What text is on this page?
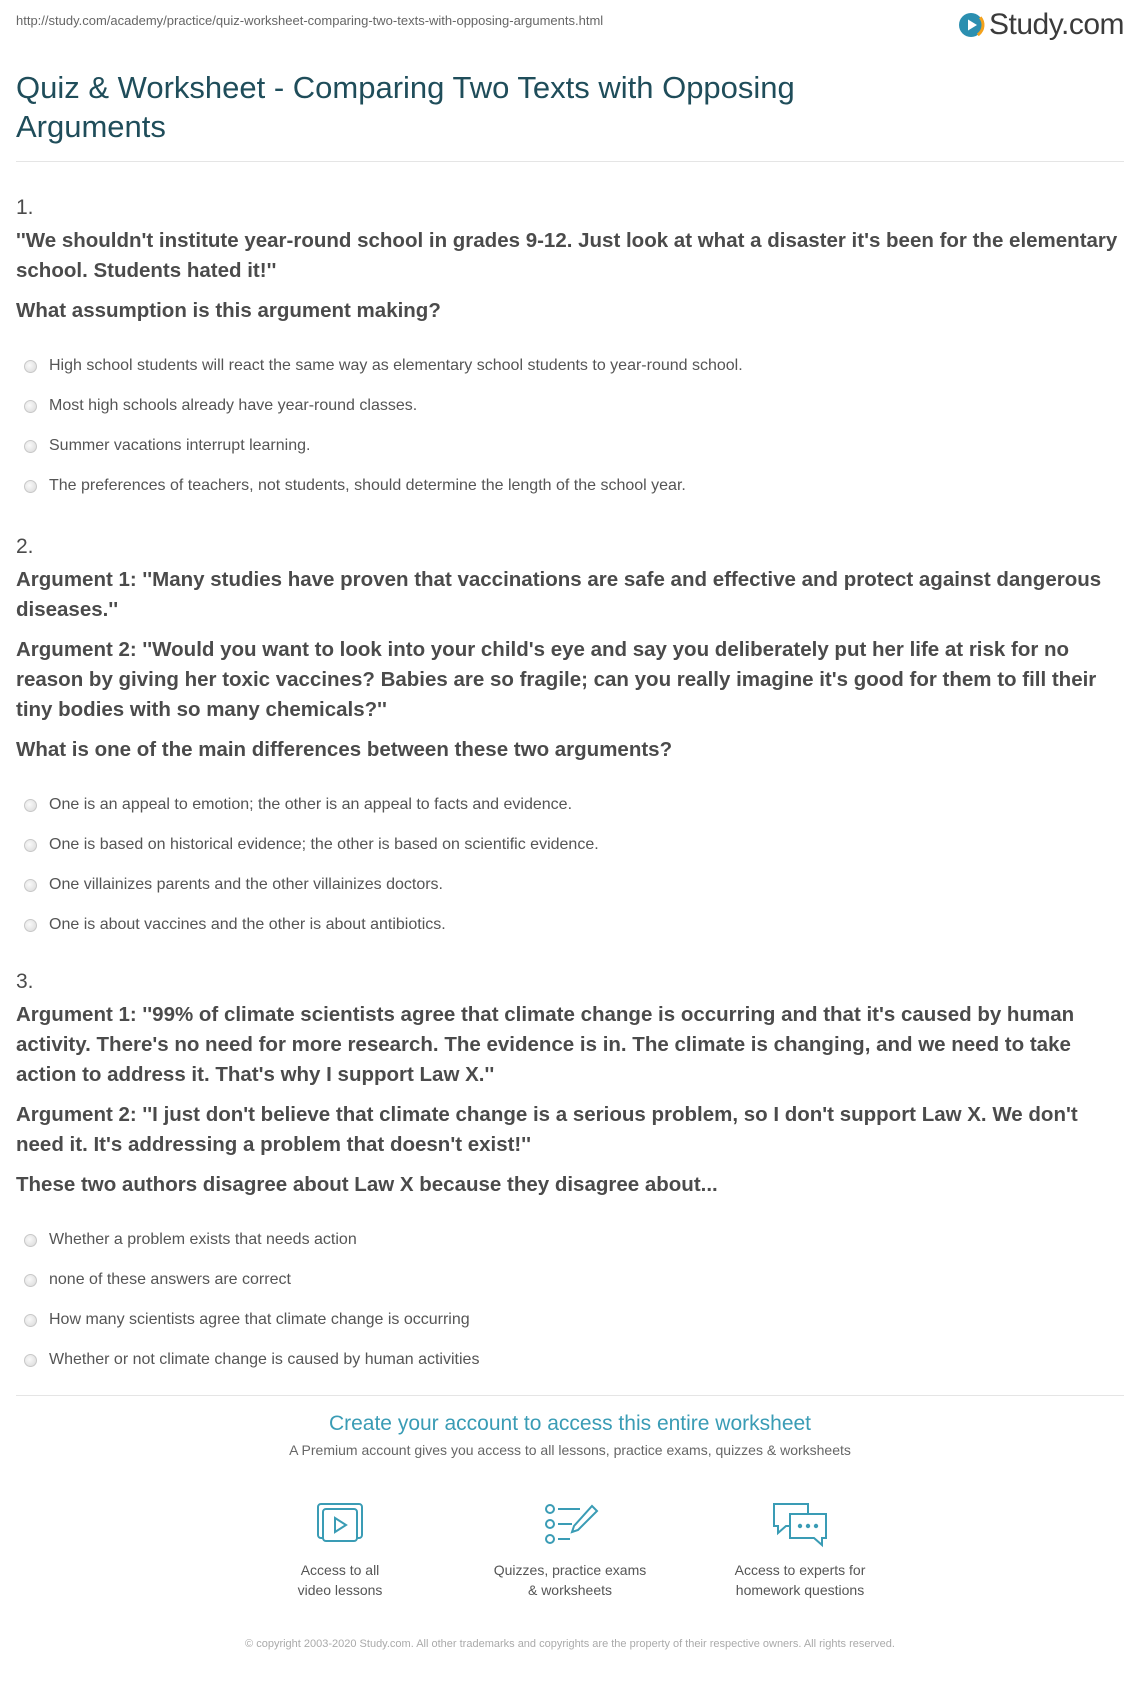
http://study.com/academy/practice/quiz-worksheet-comparing-two-texts-with-opposing-arguments.html	Study.com
Quiz & Worksheet - Comparing Two Texts with Opposing Arguments
1.

''We shouldn't institute year-round school in grades 9-12. Just look at what a disaster it's been for the elementary school. Students hated it!''

What assumption is this argument making?

High school students will react the same way as elementary school students to year-round school.
Most high schools already have year-round classes.
Summer vacations interrupt learning.
The preferences of teachers, not students, should determine the length of the school year.
2.

Argument 1: ''Many studies have proven that vaccinations are safe and effective and protect against dangerous diseases.''

Argument 2: ''Would you want to look into your child's eye and say you deliberately put her life at risk for no reason by giving her toxic vaccines? Babies are so fragile; can you really imagine it's good for them to fill their tiny bodies with so many chemicals?''

What is one of the main differences between these two arguments?

One is an appeal to emotion; the other is an appeal to facts and evidence.
One is based on historical evidence; the other is based on scientific evidence.
One villainizes parents and the other villainizes doctors.
One is about vaccines and the other is about antibiotics.
3.

Argument 1: ''99% of climate scientists agree that climate change is occurring and that it's caused by human activity. There's no need for more research. The evidence is in. The climate is changing, and we need to take action to address it. That's why I support Law X.''

Argument 2: ''I just don't believe that climate change is a serious problem, so I don't support Law X. We don't need it. It's addressing a problem that doesn't exist!''

These two authors disagree about Law X because they disagree about...

Whether a problem exists that needs action
none of these answers are correct
How many scientists agree that climate change is occurring
Whether or not climate change is caused by human activities
Create your account to access this entire worksheet
A Premium account gives you access to all lessons, practice exams, quizzes & worksheets
Access to all
video lessons
Quizzes, practice exams
& worksheets
Access to experts for
homework questions
© copyright 2003-2020 Study.com. All other trademarks and copyrights are the property of their respective owners. All rights reserved.
